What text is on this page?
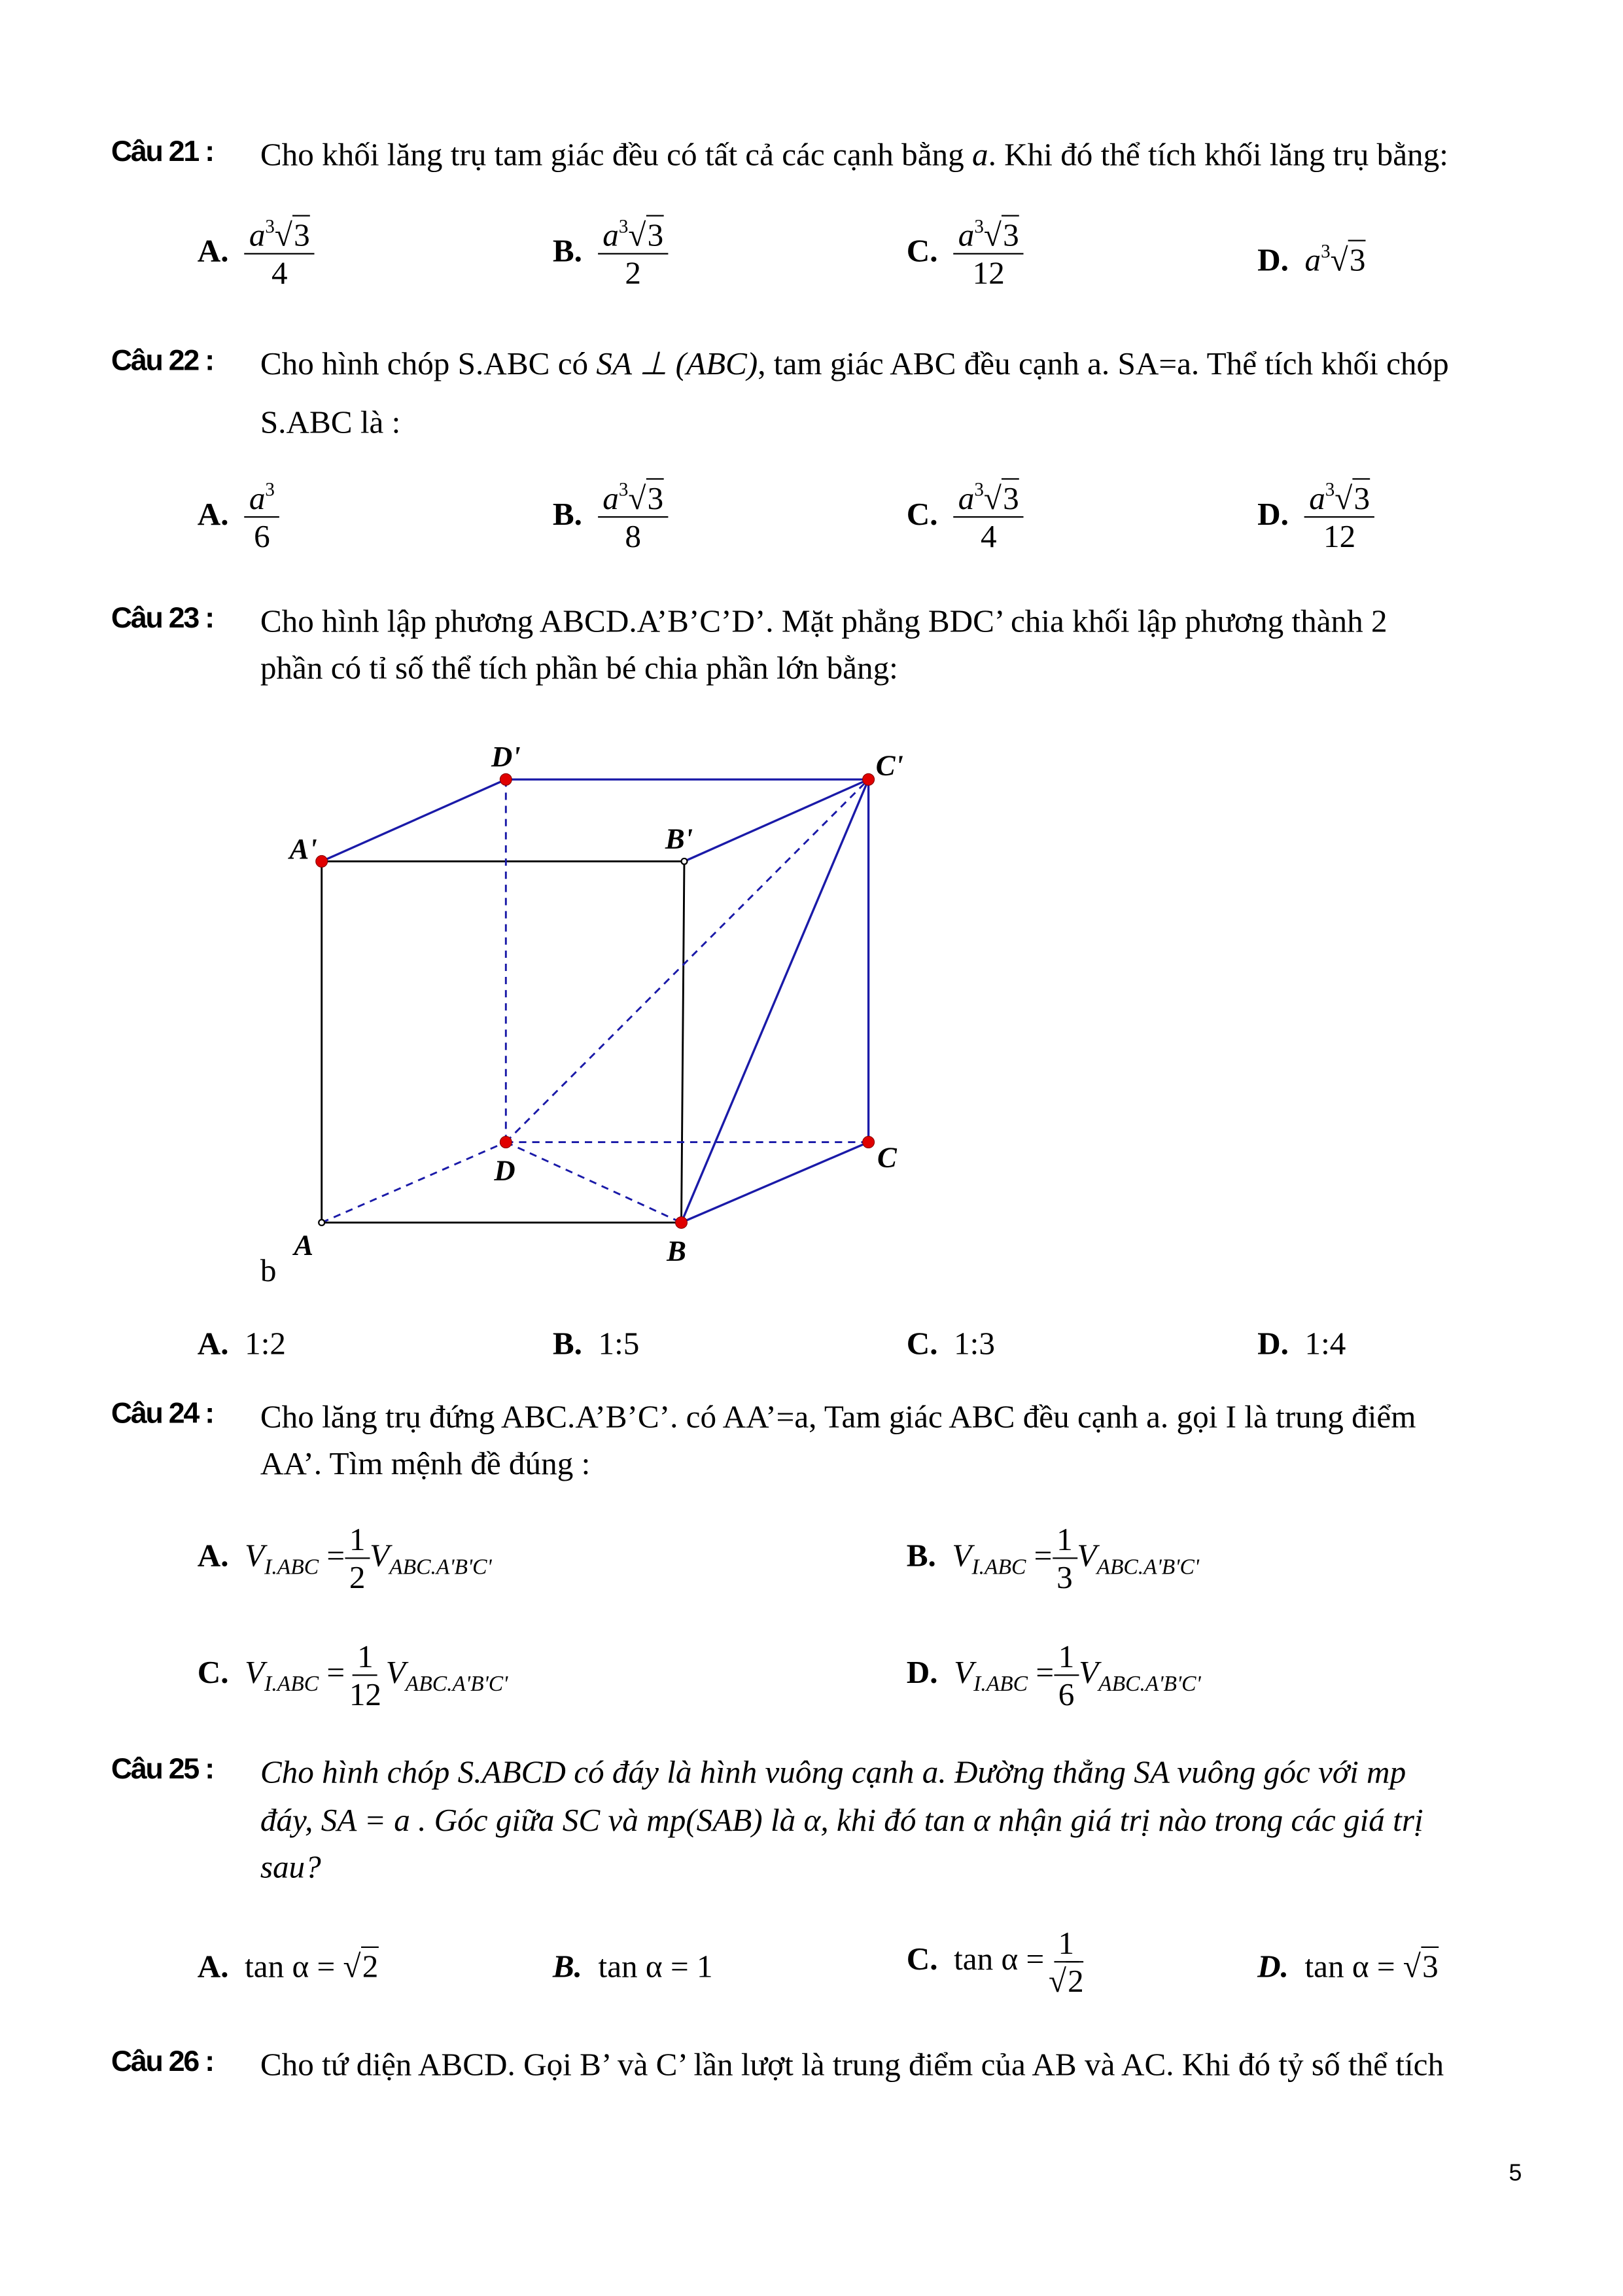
Câu 21 :	Cho khối lăng trụ tam giác đều có tất cả các cạnh bằng a. Khi đó thể tích khối lăng trụ bằng:
A. $\frac{a^3√ 3}{4}$	B. $\frac{a^3√ 3}{2}$	C. $\frac{a^3√ 3}{12}$	D. $a^3√$ 3
Câu 22 :	Cho hình chóp S.ABC có SA ⊥ (ABC), tam giác ABC đều cạnh a. SA=a. Thể tích khối chóp
S.ABC là :
A. $\frac{a^3}{6}$	B. $\frac{a^3√ 3}{8}$	C. $\frac{a^3√ 3}{4}$	D. $\frac{a^3√ 3}{12}$
Câu 23 :	Cho hình lập phương ABCD.A’B’C’D’. Mặt phẳng BDC’ chia khối lập phương thành 2
phần có tỉ số thể tích phần bé chia phần lớn bằng:
D'	C'
A'	B'
D	C
A	B
b
A. 1:2	B. 1:5	C. 1:3	D. 1:4
Câu 24 :	Cho lăng trụ đứng ABC.A’B’C’. có AA’=a, Tam giác ABC đều cạnh a. gọi I là trung điểm
AA’. Tìm mệnh đề đúng :
A. $V_{I.ABC} = \frac{1}{2} V_{ABC.A'B'C'}$	B. $V_{I.ABC} = \frac{1}{3} V_{ABC.A'B'C'}$
C. $V_{I.ABC} = \frac{1}{12} V_{ABC.A'B'C'}$	D. $V_{I.ABC} = \frac{1}{6} V_{ABC.A'B'C'}$
Câu 25 :	Cho hình chóp S.ABCD có đáy là hình vuông cạnh a. Đường thẳng SA vuông góc với mp
đáy, SA = a . Góc giữa SC và mp(SAB) là α, khi đó tan α nhận giá trị nào trong các giá trị
sau?
A. tan α = √ 2	B. tan α = 1	C. $\tan \alpha = \frac{1}{√ 2}$	D. tan α = √ 3
Câu 26 :	Cho tứ diện ABCD. Gọi B’ và C’ lần lượt là trung điểm của AB và AC. Khi đó tỷ số thể tích
5
